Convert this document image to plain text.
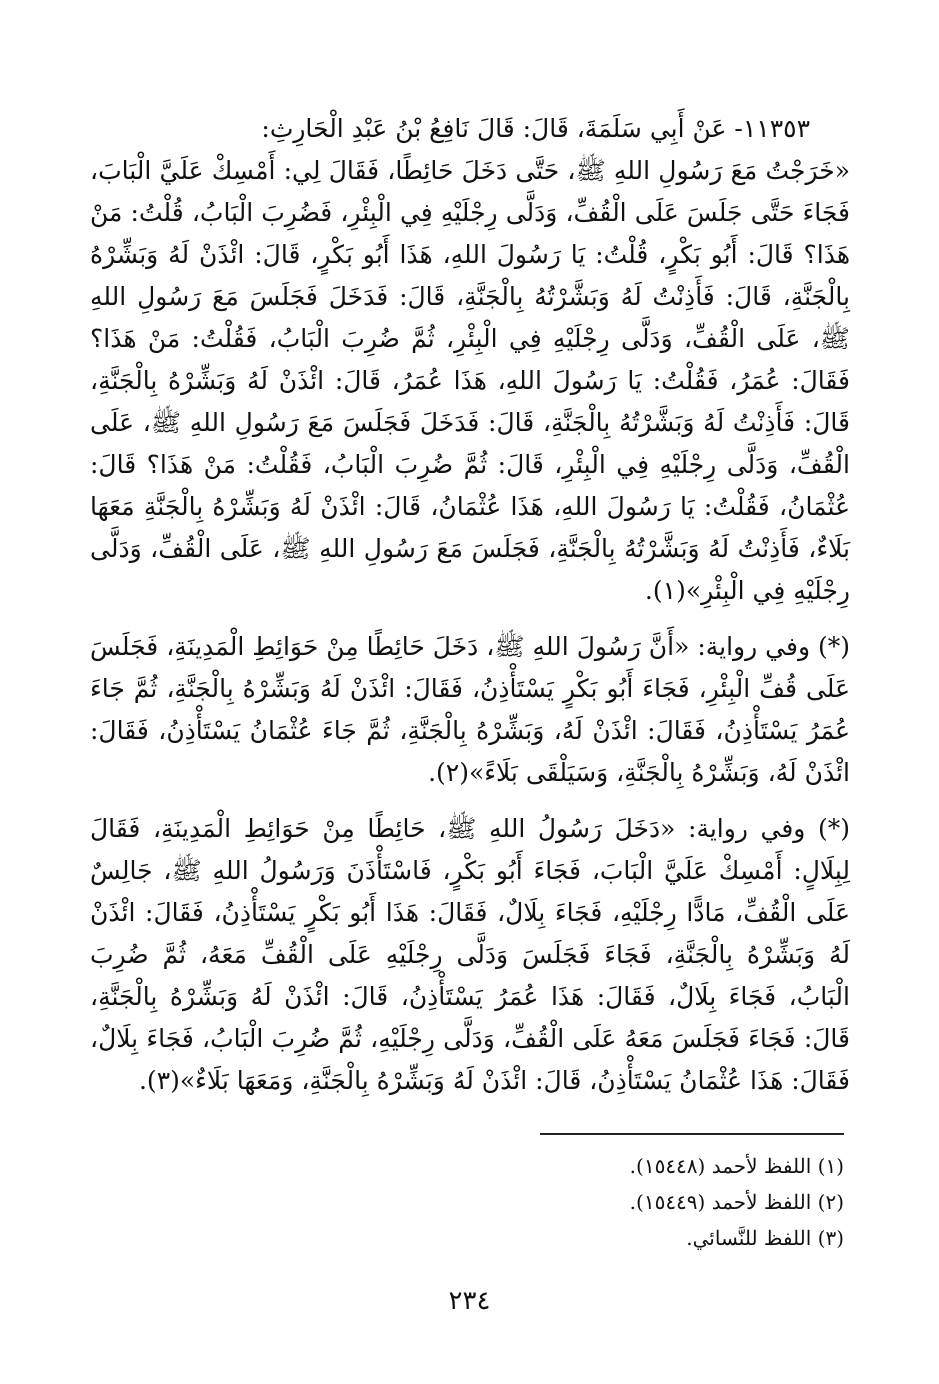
١١٣٥٣- عَنْ أَبِي سَلَمَةَ، قَالَ: قَالَ نَافِعُ بْنُ عَبْدِ الْحَارِثِ:

«خَرَجْتُ مَعَ رَسُولِ اللهِ ﷺ، حَتَّى دَخَلَ حَائِطًا، فَقَالَ لِي: أَمْسِكْ عَلَيَّ الْبَابَ، فَجَاءَ حَتَّى جَلَسَ عَلَى الْقُفِّ، وَدَلَّى رِجْلَيْهِ فِي الْبِئْرِ، فَضُرِبَ الْبَابُ، قُلْتُ: مَنْ هَذَا؟ قَالَ: أَبُو بَكْرٍ، قُلْتُ: يَا رَسُولَ اللهِ، هَذَا أَبُو بَكْرٍ، قَالَ: ائْذَنْ لَهُ وَبَشِّرْهُ بِالْجَنَّةِ، قَالَ: فَأَذِنْتُ لَهُ وَبَشَّرْتُهُ بِالْجَنَّةِ، قَالَ: فَدَخَلَ فَجَلَسَ مَعَ رَسُولِ اللهِ ﷺ، عَلَى الْقُفِّ، وَدَلَّى رِجْلَيْهِ فِي الْبِئْرِ، ثُمَّ ضُرِبَ الْبَابُ، فَقُلْتُ: مَنْ هَذَا؟ فَقَالَ: عُمَرُ، فَقُلْتُ: يَا رَسُولَ اللهِ، هَذَا عُمَرُ، قَالَ: ائْذَنْ لَهُ وَبَشِّرْهُ بِالْجَنَّةِ، قَالَ: فَأَذِنْتُ لَهُ وَبَشَّرْتُهُ بِالْجَنَّةِ، قَالَ: فَدَخَلَ فَجَلَسَ مَعَ رَسُولِ اللهِ ﷺ، عَلَى الْقُفِّ، وَدَلَّى رِجْلَيْهِ فِي الْبِئْرِ، قَالَ: ثُمَّ ضُرِبَ الْبَابُ، فَقُلْتُ: مَنْ هَذَا؟ قَالَ: عُثْمَانُ، فَقُلْتُ: يَا رَسُولَ اللهِ، هَذَا عُثْمَانُ، قَالَ: ائْذَنْ لَهُ وَبَشِّرْهُ بِالْجَنَّةِ مَعَهَا بَلَاءٌ، فَأَذِنْتُ لَهُ وَبَشَّرْتُهُ بِالْجَنَّةِ، فَجَلَسَ مَعَ رَسُولِ اللهِ ﷺ، عَلَى الْقُفِّ، وَدَلَّى رِجْلَيْهِ فِي الْبِئْرِ»(١).

(*) وفي رواية: «أَنَّ رَسُولَ اللهِ ﷺ، دَخَلَ حَائِطًا مِنْ حَوَائِطِ الْمَدِينَةِ، فَجَلَسَ عَلَى قُفِّ الْبِئْرِ، فَجَاءَ أَبُو بَكْرٍ يَسْتَأْذِنُ، فَقَالَ: ائْذَنْ لَهُ وَبَشِّرْهُ بِالْجَنَّةِ، ثُمَّ جَاءَ عُمَرُ يَسْتَأْذِنُ، فَقَالَ: ائْذَنْ لَهُ، وَبَشِّرْهُ بِالْجَنَّةِ، ثُمَّ جَاءَ عُثْمَانُ يَسْتَأْذِنُ، فَقَالَ: ائْذَنْ لَهُ، وَبَشِّرْهُ بِالْجَنَّةِ، وَسَيَلْقَى بَلَاءً»(٢).

(*) وفي رواية: «دَخَلَ رَسُولُ اللهِ ﷺ، حَائِطًا مِنْ حَوَائِطِ الْمَدِينَةِ، فَقَالَ لِبِلَالٍ: أَمْسِكْ عَلَيَّ الْبَابَ، فَجَاءَ أَبُو بَكْرٍ، فَاسْتَأْذَنَ وَرَسُولُ اللهِ ﷺ، جَالِسٌ عَلَى الْقُفِّ، مَادًّا رِجْلَيْهِ، فَجَاءَ بِلَالٌ، فَقَالَ: هَذَا أَبُو بَكْرٍ يَسْتَأْذِنُ، فَقَالَ: ائْذَنْ لَهُ وَبَشِّرْهُ بِالْجَنَّةِ، فَجَاءَ فَجَلَسَ وَدَلَّى رِجْلَيْهِ عَلَى الْقُفِّ مَعَهُ، ثُمَّ ضُرِبَ الْبَابُ، فَجَاءَ بِلَالٌ، فَقَالَ: هَذَا عُمَرُ يَسْتَأْذِنُ، قَالَ: ائْذَنْ لَهُ وَبَشِّرْهُ بِالْجَنَّةِ، قَالَ: فَجَاءَ فَجَلَسَ مَعَهُ عَلَى الْقُفِّ، وَدَلَّى رِجْلَيْهِ، ثُمَّ ضُرِبَ الْبَابُ، فَجَاءَ بِلَالٌ، فَقَالَ: هَذَا عُثْمَانُ يَسْتَأْذِنُ، قَالَ: ائْذَنْ لَهُ وَبَشِّرْهُ بِالْجَنَّةِ، وَمَعَهَا بَلَاءٌ»(٣).

(١) اللفظ لأحمد (١٥٤٤٨).

(٢) اللفظ لأحمد (١٥٤٤٩).

(٣) اللفظ للنَّسائي.

٢٣٤
